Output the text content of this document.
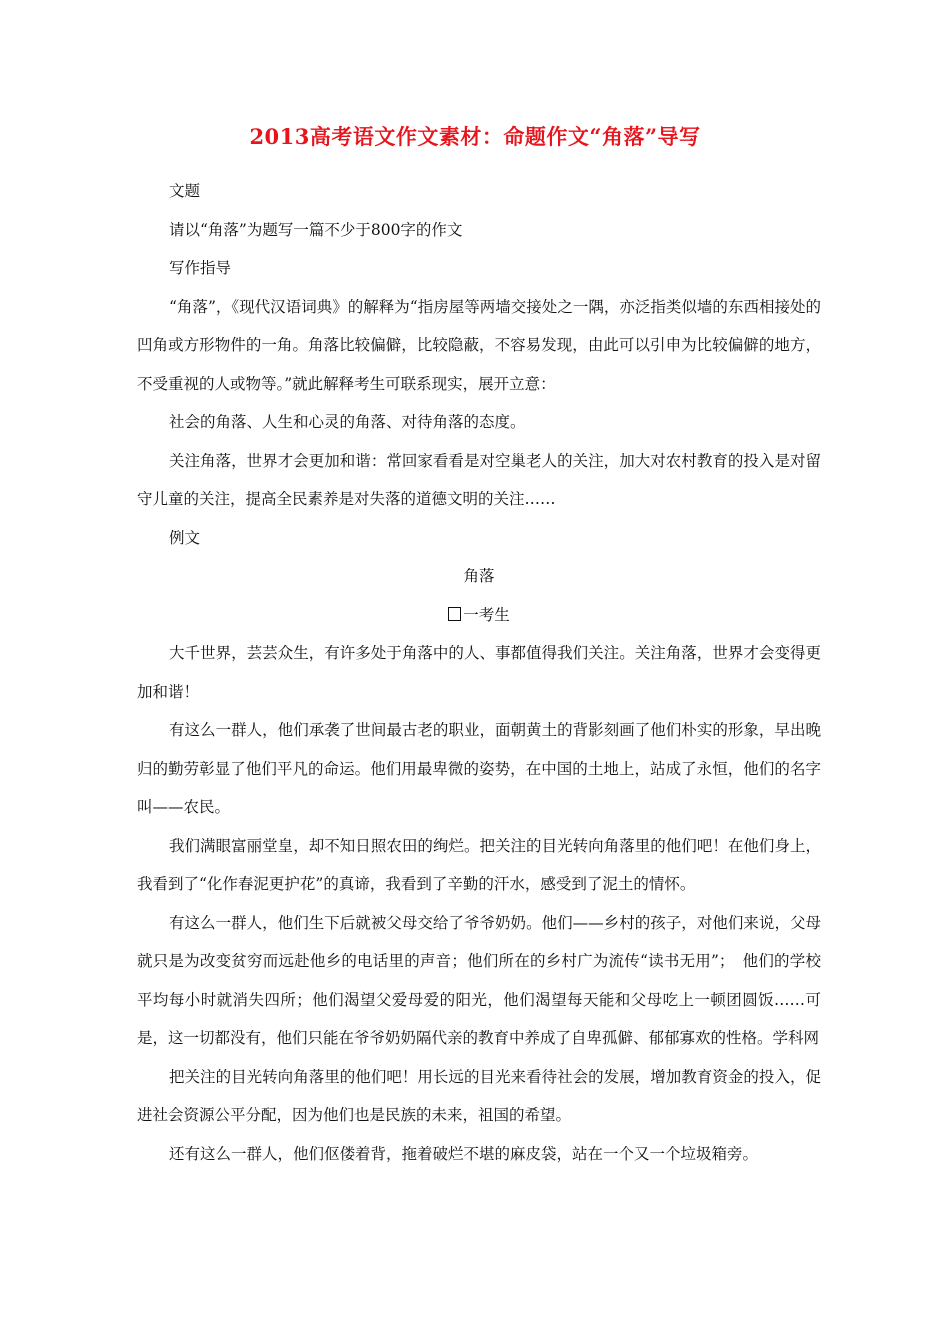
2013高考语文作文素材：命题作文“角落”导写

文题

请以“角落”为题写一篇不少于800字的作文

写作指导

“角落”，《现代汉语词典》的解释为“指房屋等两墙交接处之一隅，亦泛指类似墙的东西相接处的凹角或方形物件的一角。角落比较偏僻，比较隐蔽，不容易发现，由此可以引申为比较偏僻的地方，不受重视的人或物等。”就此解释考生可联系现实，展开立意：

社会的角落、人生和心灵的角落、对待角落的态度。

关注角落，世界才会更加和谐：常回家看看是对空巢老人的关注，加大对农村教育的投入是对留守儿童的关注，提高全民素养是对失落的道德文明的关注……

例文

角落

一考生

大千世界，芸芸众生，有许多处于角落中的人、事都值得我们关注。关注角落，世界才会变得更加和谐！

有这么一群人，他们承袭了世间最古老的职业，面朝黄土的背影刻画了他们朴实的形象，早出晚归的勤劳彰显了他们平凡的命运。他们用最卑微的姿势，在中国的土地上，站成了永恒，他们的名字叫——农民。

我们满眼富丽堂皇，却不知日照农田的绚烂。把关注的目光转向角落里的他们吧！在他们身上，我看到了“化作春泥更护花”的真谛，我看到了辛勤的汗水，感受到了泥土的情怀。

有这么一群人，他们生下后就被父母交给了爷爷奶奶。他们——乡村的孩子，对他们来说，父母就只是为改变贫穷而远赴他乡的电话里的声音；他们所在的乡村广为流传“读书无用”；　他们的学校平均每小时就消失四所；他们渴望父爱母爱的阳光，他们渴望每天能和父母吃上一顿团圆饭……可是，这一切都没有，他们只能在爷爷奶奶隔代亲的教育中养成了自卑孤僻、郁郁寡欢的性格。学科网

把关注的目光转向角落里的他们吧！用长远的目光来看待社会的发展，增加教育资金的投入，促进社会资源公平分配，因为他们也是民族的未来，祖国的希望。

还有这么一群人，他们伛偻着背，拖着破烂不堪的麻皮袋，站在一个又一个垃圾箱旁。
